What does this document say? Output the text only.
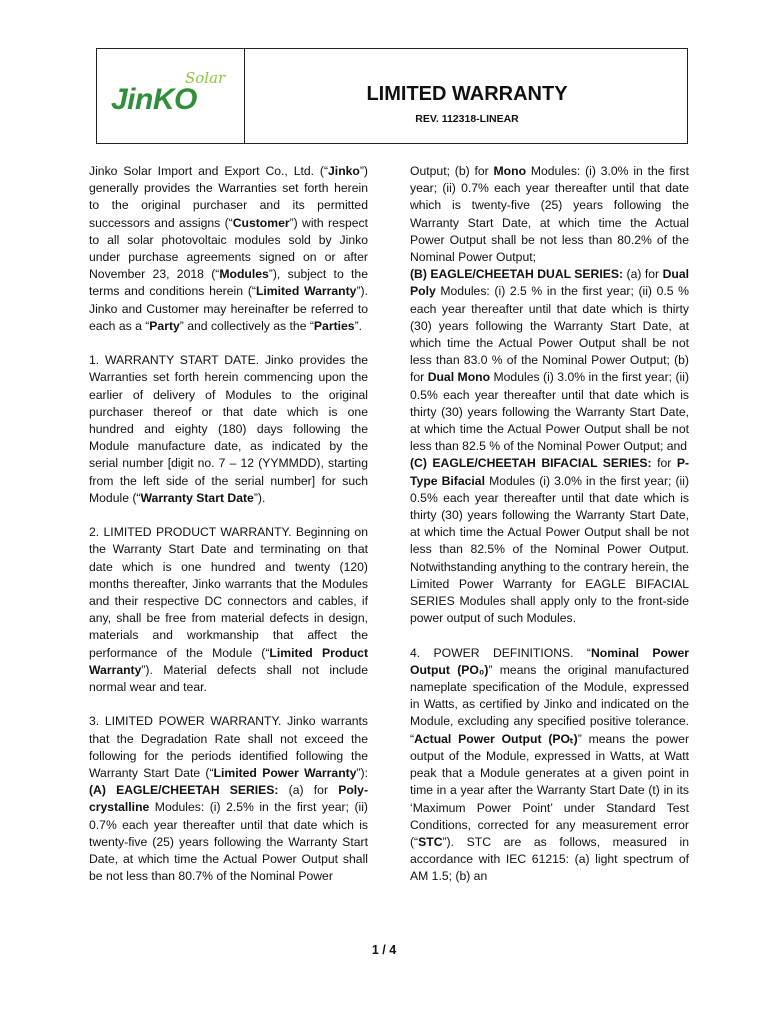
Solar
JinKO	LIMITED WARRANTY
REV. 112318-LINEAR

Jinko Solar Import and Export Co., Ltd. (“Jinko”) generally provides the Warranties set forth herein to the original purchaser and its permitted successors and assigns (“Customer”) with respect to all solar photovoltaic modules sold by Jinko under purchase agreements signed on or after November 23, 2018 (“Modules”), subject to the terms and conditions herein (“Limited Warranty”). Jinko and Customer may hereinafter be referred to each as a “Party” and collectively as the “Parties”.

1. WARRANTY START DATE. Jinko provides the Warranties set forth herein commencing upon the earlier of delivery of Modules to the original purchaser thereof or that date which is one hundred and eighty (180) days following the Module manufacture date, as indicated by the serial number [digit no. 7 – 12 (YYMMDD), starting from the left side of the serial number] for such Module (“Warranty Start Date”).

2. LIMITED PRODUCT WARRANTY. Beginning on the Warranty Start Date and terminating on that date which is one hundred and twenty (120) months thereafter, Jinko warrants that the Modules and their respective DC connectors and cables, if any, shall be free from material defects in design, materials and workmanship that affect the performance of the Module (“Limited Product Warranty”). Material defects shall not include normal wear and tear.

3. LIMITED POWER WARRANTY. Jinko warrants that the Degradation Rate shall not exceed the following for the periods identified following the Warranty Start Date (“Limited Power Warranty”): (A) EAGLE/CHEETAH SERIES: (a) for Poly-crystalline Modules: (i) 2.5% in the first year; (ii) 0.7% each year thereafter until that date which is twenty-five (25) years following the Warranty Start Date, at which time the Actual Power Output shall be not less than 80.7% of the Nominal Power

Output; (b) for Mono Modules: (i) 3.0% in the first year; (ii) 0.7% each year thereafter until that date which is twenty-five (25) years following the Warranty Start Date, at which time the Actual Power Output shall be not less than 80.2% of the Nominal Power Output;

(B) EAGLE/CHEETAH DUAL SERIES: (a) for Dual Poly Modules: (i) 2.5 % in the first year; (ii) 0.5 % each year thereafter until that date which is thirty (30) years following the Warranty Start Date, at which time the Actual Power Output shall be not less than 83.0 % of the Nominal Power Output; (b) for Dual Mono Modules (i) 3.0% in the first year; (ii) 0.5% each year thereafter until that date which is thirty (30) years following the Warranty Start Date, at which time the Actual Power Output shall be not less than 82.5 % of the Nominal Power Output; and

(C) EAGLE/CHEETAH BIFACIAL SERIES: for P-Type Bifacial Modules (i) 3.0% in the first year; (ii) 0.5% each year thereafter until that date which is thirty (30) years following the Warranty Start Date, at which time the Actual Power Output shall be not less than 82.5% of the Nominal Power Output. Notwithstanding anything to the contrary herein, the Limited Power Warranty for EAGLE BIFACIAL SERIES Modules shall apply only to the front-side power output of such Modules.

4. POWER DEFINITIONS. “Nominal Power Output (PO₀)” means the original manufactured nameplate specification of the Module, expressed in Watts, as certified by Jinko and indicated on the Module, excluding any specified positive tolerance. “Actual Power Output (POₜ)” means the power output of the Module, expressed in Watts, at Watt peak that a Module generates at a given point in time in a year after the Warranty Start Date (t) in its ‘Maximum Power Point’ under Standard Test Conditions, corrected for any measurement error (“STC”). STC are as follows, measured in accordance with IEC 61215: (a) light spectrum of AM 1.5; (b) an

1 / 4
